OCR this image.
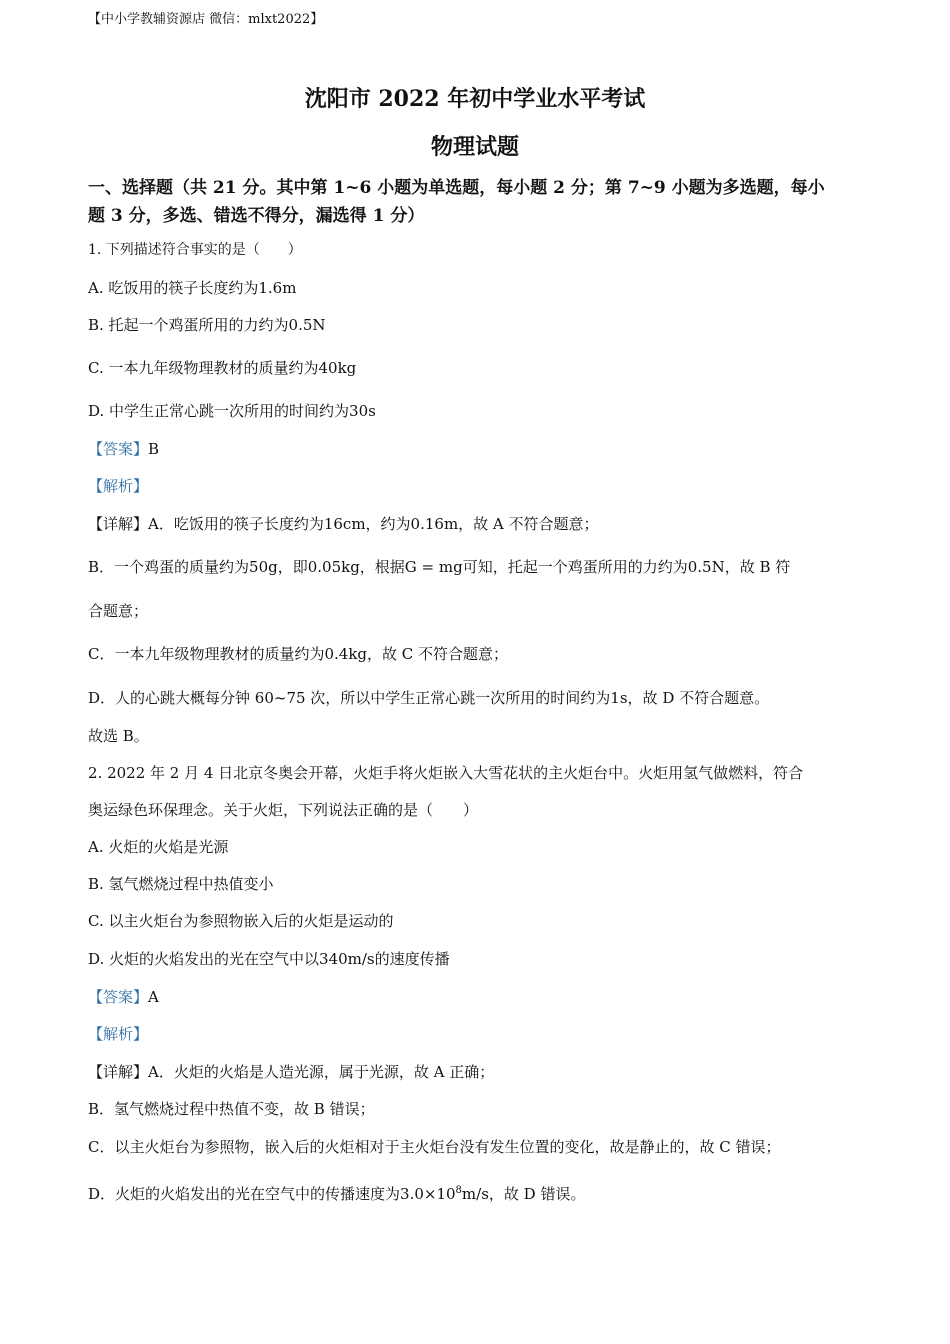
【中小学教辅资源店 微信：mlxt2022】
沈阳市 2022 年初中学业水平考试
物理试题
一、选择题（共 21 分。其中第 1~6 小题为单选题，每小题 2 分；第 7~9 小题为多选题，每小
题 3 分，多选、错选不得分，漏选得 1 分）
1. 下列描述符合事实的是（　　）
A. 吃饭用的筷子长度约为1.6m
B. 托起一个鸡蛋所用的力约为0.5N
C. 一本九年级物理教材的质量约为40kg
D. 中学生正常心跳一次所用的时间约为30s
【答案】B
【解析】
【详解】A．吃饭用的筷子长度约为16cm，约为0.16m，故 A 不符合题意；
B．一个鸡蛋的质量约为50g，即0.05kg，根据G = mg可知，托起一个鸡蛋所用的力约为0.5N，故 B 符
合题意；
C．一本九年级物理教材的质量约为0.4kg，故 C 不符合题意；
D．人的心跳大概每分钟 60~75 次，所以中学生正常心跳一次所用的时间约为1s，故 D 不符合题意。
故选 B。
2. 2022 年 2 月 4 日北京冬奥会开幕，火炬手将火炬嵌入大雪花状的主火炬台中。火炬用氢气做燃料，符合
奥运绿色环保理念。关于火炬，下列说法正确的是（　　）
A. 火炬的火焰是光源
B. 氢气燃烧过程中热值变小
C. 以主火炬台为参照物嵌入后的火炬是运动的
D. 火炬的火焰发出的光在空气中以340m/s的速度传播
【答案】A
【解析】
【详解】A．火炬的火焰是人造光源，属于光源，故 A 正确；
B．氢气燃烧过程中热值不变，故 B 错误；
C．以主火炬台为参照物，嵌入后的火炬相对于主火炬台没有发生位置的变化，故是静止的，故 C 错误；
D．火炬的火焰发出的光在空气中的传播速度为$3.0\times 10^8m/s$，故 D 错误。
